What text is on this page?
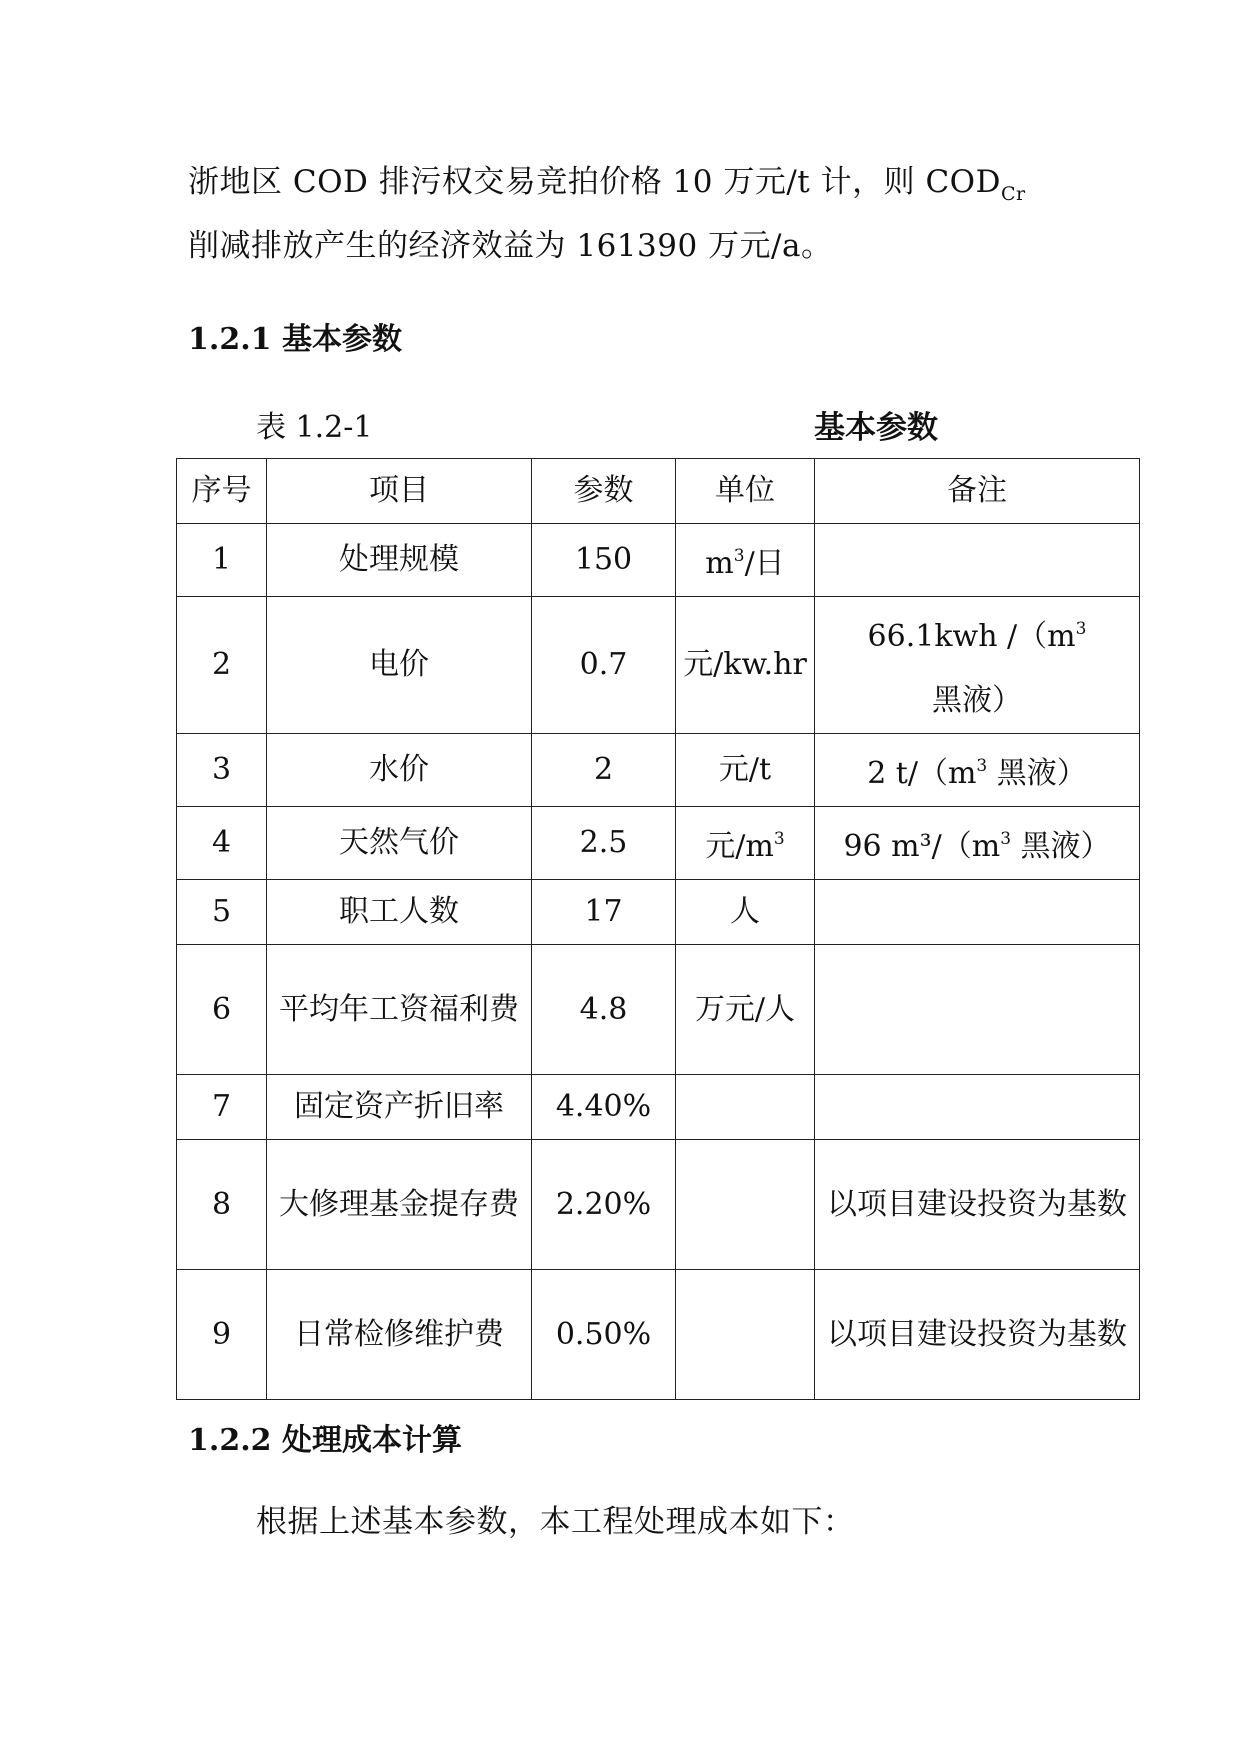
浙地区 COD 排污权交易竞拍价格 10 万元/t 计，则 $COD_{Cr}$
削减排放产生的经济效益为 161390 万元/a。
1.2.1 基本参数
表 1.2-1	基本参数
序号	项目	参数	单位	备注
1	处理规模	150	$m^3/$日	
2	电价	0.7	元/kw.hr	66.1kwh $/(m^3$ 黑液）
3	水价	2	元/t	2 $t/(m^3$ 黑液）
4	天然气价	2.5	元$/m^3$	96 $m^3/(m^3$ 黑液）
5	职工人数	17	人	
6	平均年工资福利费	4.8	万元/人	
7	固定资产折旧率	4.40%		
8	大修理基金提存费	2.20%		以项目建设投资为基数
9	日常检修维护费	0.50%		以项目建设投资为基数
1.2.2 处理成本计算
根据上述基本参数，本工程处理成本如下：
